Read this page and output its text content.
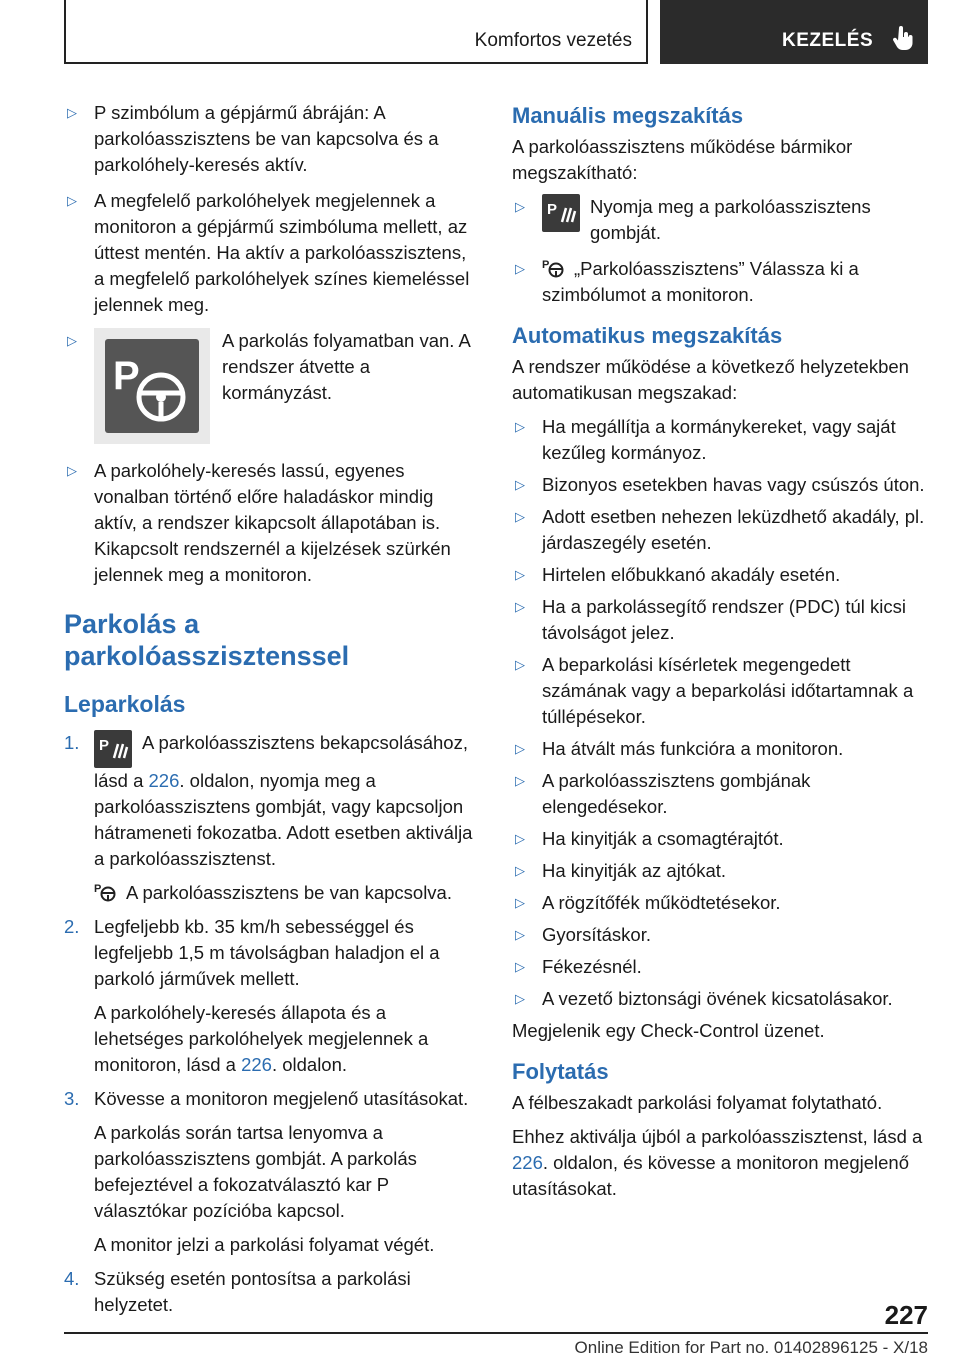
Komfortos vezetés	KEZELÉS
▷ P szimbólum a gépjármű ábráján: A parkolóasszisztens be van kapcsolva és a parkolóhely-keresés aktív.

▷ A megfelelő parkolóhelyek megjelennek a monitoron a gépjármű szimbóluma mellett, az úttest mentén. Ha aktív a parkolóasszisztens, a megfelelő parkolóhelyek színes kiemeléssel jelennek meg.

▷
P

A parkolás folyamatban van. A rendszer átvette a kormányzást.

▷ A parkolóhely-keresés lassú, egyenes vonalban történő előre haladáskor mindig aktív, a rendszer kikapcsolt állapotában is. Kikapcsolt rendszernél a kijelzések szürkén jelennek meg a monitoron.

Parkolás a parkolóasszisztenssel
Leparkolás
1. P A parkolóasszisztens bekapcsolásához, lásd a 226. oldalon, nyomja meg a parkolóasszisztens gombját, vagy kapcsoljon hátrameneti fokozatba. Adott esetben aktiválja a parkolóasszisztenst.

P A parkolóasszisztens be van kapcsolva.

2. Legfeljebb kb. 35 km/h sebességgel és legfeljebb 1,5 m távolságban haladjon el a parkoló járművek mellett.

A parkolóhely-keresés állapota és a lehetséges parkolóhelyek megjelennek a monitoron, lásd a 226. oldalon.

3. Kövesse a monitoron megjelenő utasításokat.

A parkolás során tartsa lenyomva a parkolóasszisztens gombját. A parkolás befejeztével a fokozatválasztó kar P választókar pozícióba kapcsol.

A monitor jelzi a parkolási folyamat végét.

4. Szükség esetén pontosítsa a parkolási helyzetet.

Manuális megszakítás

A parkolóasszisztens működése bármikor megszakítható:

▷ P Nyomja meg a parkolóasszisztens gombját.

▷ P „Parkolóasszisztens” Válassza ki a szimbólumot a monitoron.

Automatikus megszakítás

A rendszer működése a következő helyzetekben automatikusan megszakad:

▷ Ha megállítja a kormánykereket, vagy saját kezűleg kormányoz.

▷ Bizonyos esetekben havas vagy csúszós úton.

▷ Adott esetben nehezen leküzdhető akadály, pl. járdaszegély esetén.

▷ Hirtelen előbukkanó akadály esetén.

▷ Ha a parkolássegítő rendszer (PDC) túl kicsi távolságot jelez.

▷ A beparkolási kísérletek megengedett számának vagy a beparkolási időtartamnak a túllépésekor.

▷ Ha átvált más funkcióra a monitoron.

▷ A parkolóasszisztens gombjának elengedésekor.

▷ Ha kinyitják a csomagtérajtót.

▷ Ha kinyitják az ajtókat.

▷ A rögzítőfék működtetésekor.

▷ Gyorsításkor.

▷ Fékezésnél.

▷ A vezető biztonsági övének kicsatolásakor.

Megjelenik egy Check-Control üzenet.

Folytatás

A félbeszakadt parkolási folyamat folytatható.

Ehhez aktiválja újból a parkolóasszisztenst, lásd a 226. oldalon, és kövesse a monitoron megjelenő utasításokat.

227
Online Edition for Part no. 01402896125 - X/18
